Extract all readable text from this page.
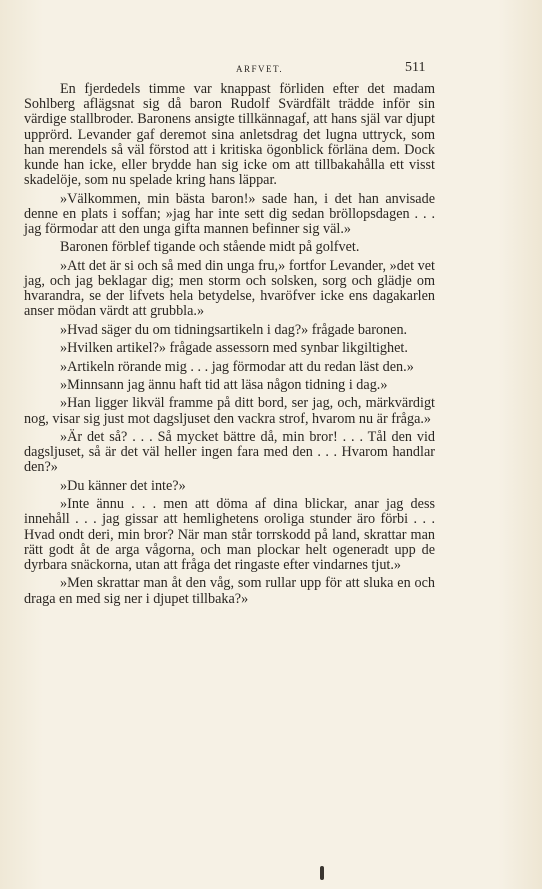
ARFVET.	511

En fjerdedels timme var knappast förliden efter det madam Sohlberg aflägsnat sig då baron Rudolf Svärdfält trädde inför sin värdige stallbroder. Baronens ansigte tillkännagaf, att hans själ var djupt upprörd. Levander gaf deremot sina anletsdrag det lugna uttryck, som han merendels så väl förstod att i kritiska ögonblick förläna dem. Dock kunde han icke, eller brydde han sig icke om att tillbakahålla ett visst skadelöje, som nu spelade kring hans läppar.

»Välkommen, min bästa baron!» sade han, i det han anvisade denne en plats i soffan; »jag har inte sett dig sedan bröllopsdagen . . . jag förmodar att den unga gifta mannen befinner sig väl.»

Baronen förblef tigande och stående midt på golfvet.

»Att det är si och så med din unga fru,» fortfor Levander, »det vet jag, och jag beklagar dig; men storm och solsken, sorg och glädje om hvarandra, se der lifvets hela betydelse, hvaröfver icke ens dagakarlen anser mödan värdt att grubbla.»

»Hvad säger du om tidningsartikeln i dag?» frågade baronen.

»Hvilken artikel?» frågade assessorn med synbar likgiltighet.

»Artikeln rörande mig . . . jag förmodar att du redan läst den.»

»Minnsann jag ännu haft tid att läsa någon tidning i dag.»

»Han ligger likväl framme på ditt bord, ser jag, och, märkvärdigt nog, visar sig just mot dagsljuset den vackra strof, hvarom nu är fråga.»

»Är det så? . . . Så mycket bättre då, min bror! . . . Tål den vid dagsljuset, så är det väl heller ingen fara med den . . . Hvarom handlar den?»

»Du känner det inte?»

»Inte ännu . . . men att döma af dina blickar, anar jag dess innehåll . . . jag gissar att hemlighetens oroliga stunder äro förbi . . . Hvad ondt deri, min bror? När man står torrskodd på land, skrattar man rätt godt åt de arga vågorna, och man plockar helt ogeneradt upp de dyrbara snäckorna, utan att fråga det ringaste efter vindarnes tjut.»

»Men skrattar man åt den våg, som rullar upp för att sluka en och draga en med sig ner i djupet tillbaka?»
